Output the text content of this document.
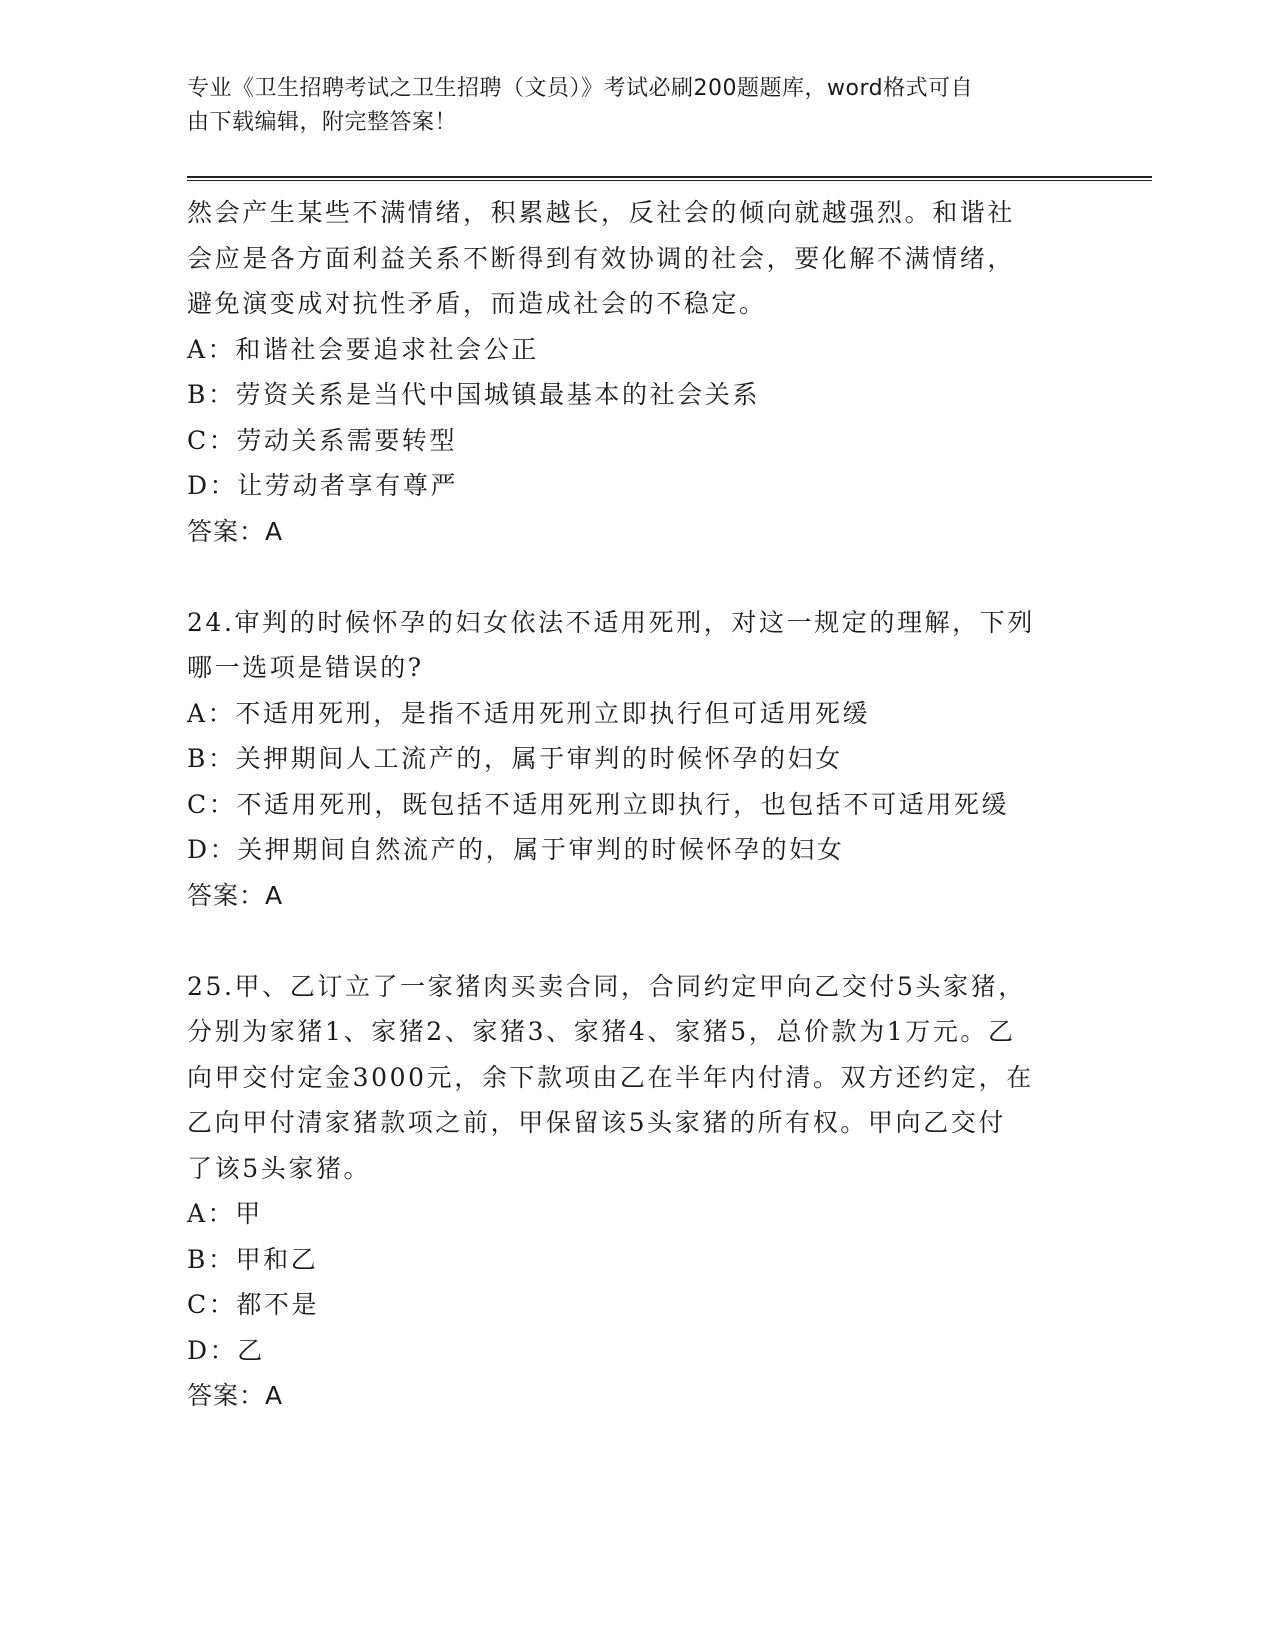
专业《卫生招聘考试之卫生招聘（文员）》考试必刷200题题库，word格式可自
由下载编辑，附完整答案！
然会产生某些不满情绪，积累越长，反社会的倾向就越强烈。和谐社
会应是各方面利益关系不断得到有效协调的社会，要化解不满情绪，
避免演变成对抗性矛盾，而造成社会的不稳定。
A：和谐社会要追求社会公正
B：劳资关系是当代中国城镇最基本的社会关系
C：劳动关系需要转型
D：让劳动者享有尊严
答案：A
24.审判的时候怀孕的妇女依法不适用死刑，对这一规定的理解，下列
哪一选项是错误的?
A：不适用死刑，是指不适用死刑立即执行但可适用死缓
B：关押期间人工流产的，属于审判的时候怀孕的妇女
C：不适用死刑，既包括不适用死刑立即执行，也包括不可适用死缓
D：关押期间自然流产的，属于审判的时候怀孕的妇女
答案：A
25.甲、乙订立了一家猪肉买卖合同，合同约定甲向乙交付5头家猪，
分别为家猪1、家猪2、家猪3、家猪4、家猪5，总价款为1万元。乙
向甲交付定金3000元，余下款项由乙在半年内付清。双方还约定，在
乙向甲付清家猪款项之前，甲保留该5头家猪的所有权。甲向乙交付
了该5头家猪。
A：甲
B：甲和乙
C：都不是
D：乙
答案：A
